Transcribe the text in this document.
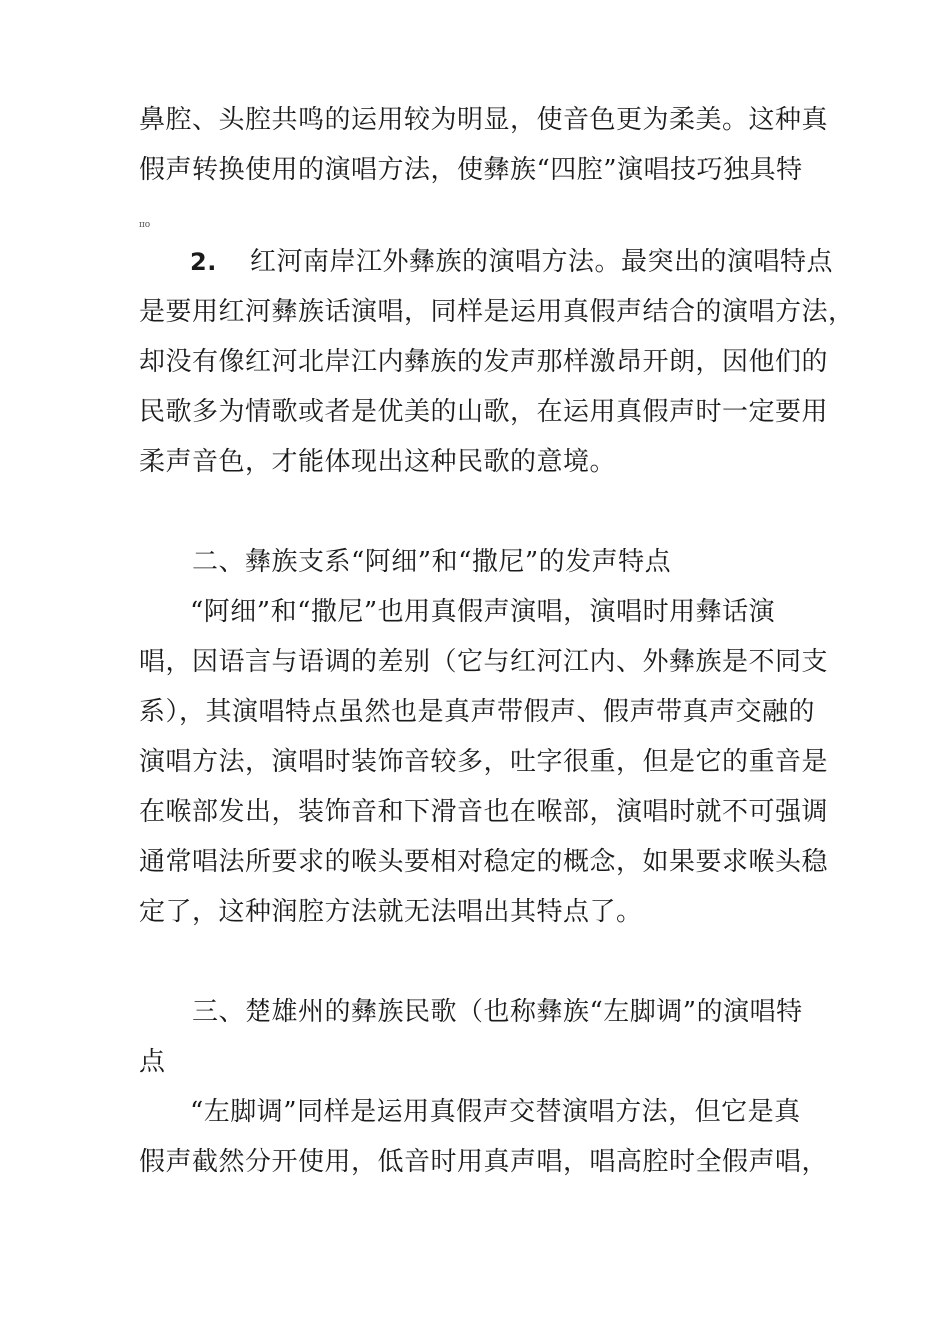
鼻腔、头腔共鸣的运用较为明显，使音色更为柔美。这种真
假声转换使用的演唱方法，使彝族“四腔”演唱技巧独具特
ɪɪo
2. 红河南岸江外彝族的演唱方法。最突出的演唱特点
是要用红河彝族话演唱，同样是运用真假声结合的演唱方法，
却没有像红河北岸江内彝族的发声那样激昂开朗，因他们的
民歌多为情歌或者是优美的山歌，在运用真假声时一定要用
柔声音色，才能体现出这种民歌的意境。
二、彝族支系“阿细”和“撒尼”的发声特点
“阿细”和“撒尼”也用真假声演唱，演唱时用彝话演
唱，因语言与语调的差别（它与红河江内、外彝族是不同支
系），其演唱特点虽然也是真声带假声、假声带真声交融的
演唱方法，演唱时装饰音较多，吐字很重，但是它的重音是
在喉部发出，装饰音和下滑音也在喉部，演唱时就不可强调
通常唱法所要求的喉头要相对稳定的概念，如果要求喉头稳
定了，这种润腔方法就无法唱出其特点了。
三、楚雄州的彝族民歌（也称彝族“左脚调”的演唱特
点
“左脚调”同样是运用真假声交替演唱方法，但它是真
假声截然分开使用，低音时用真声唱，唱高腔时全假声唱，
